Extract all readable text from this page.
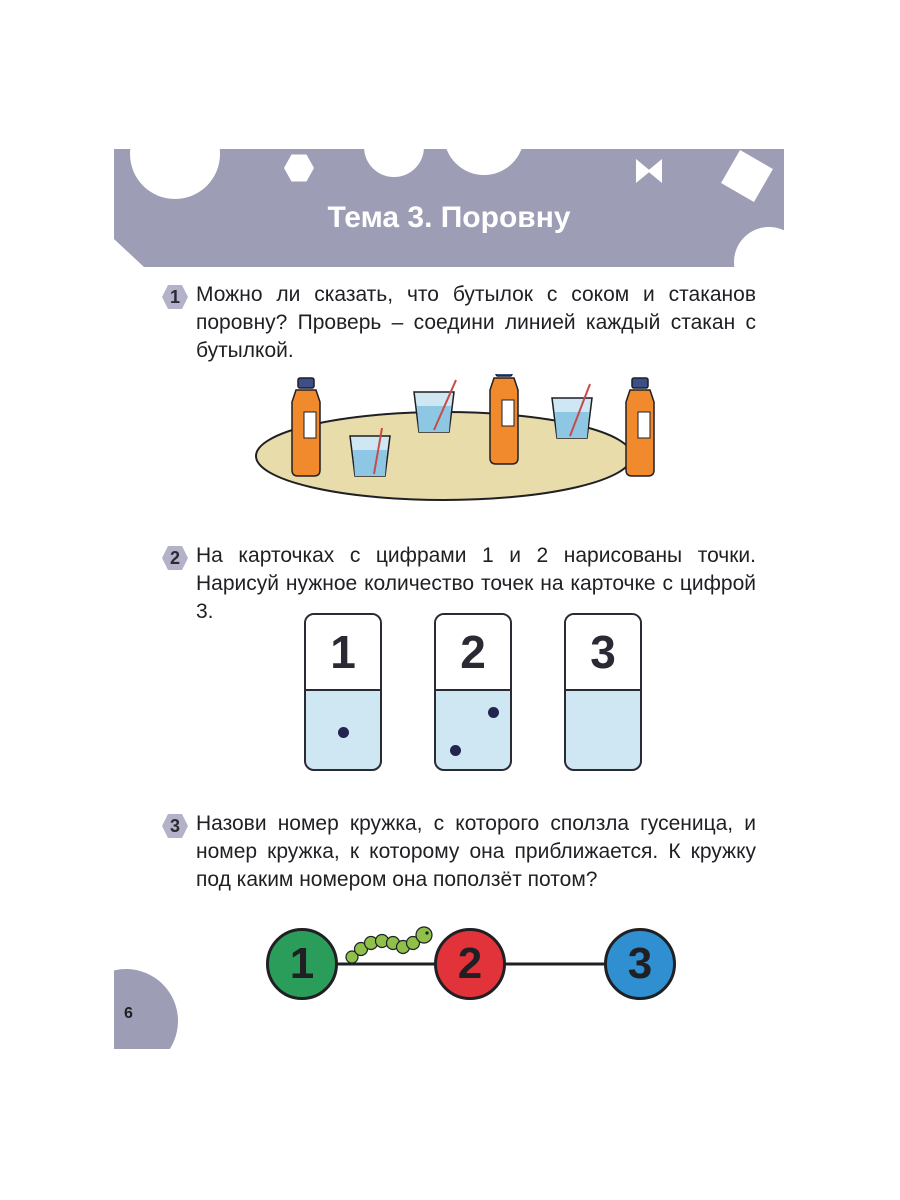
Тема 3. Поровну
1 Можно ли сказать, что бутылок с соком и стаканов поровну? Проверь – соедини линией каждый стакан с бутылкой.
2 На карточках с цифрами 1 и 2 нарисованы точки. Нарисуй нужное количество точек на карточке с цифрой 3.
1	2	3
3 Назови номер кружка, с которого сползла гусеница, и номер кружка, к которому она приближается. К кружку под каким номером она поползёт потом?
1	2	3
6
